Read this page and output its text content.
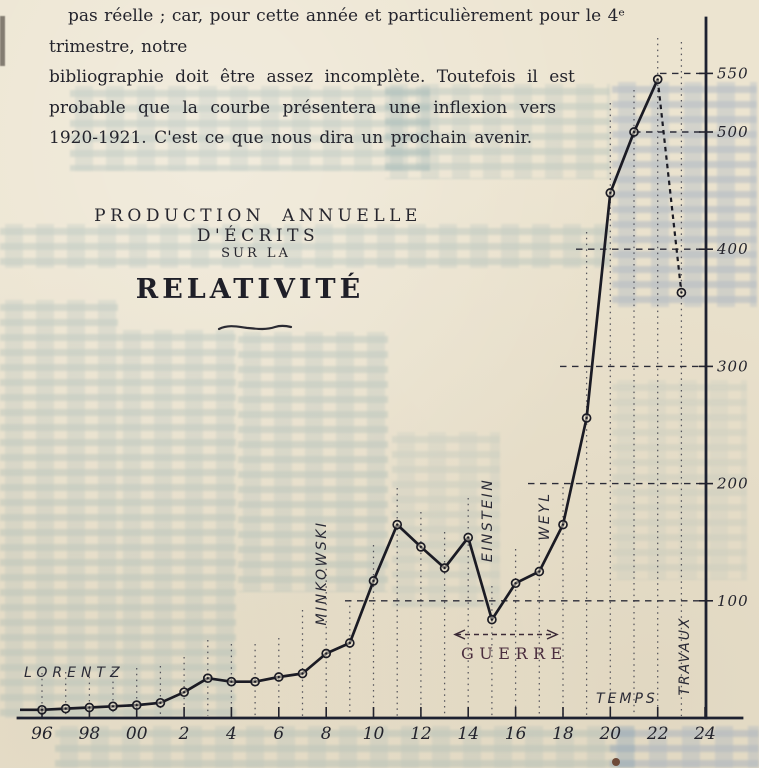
96 98 00 2 4 6 8 10 12 14 16 18 20 22 24
100
200
300
400
500
550
pas réelle ; car, pour cette année et particulièrement pour le 4ᵉ trimestre, notre
bibliographie doit être assez incomplète. Toutefois il est
probable que la courbe présentera une inflexion vers
1920-1921. C'est ce que nous dira un prochain avenir.
PRODUCTION ANNUELLE D'ÉCRITS
SUR LA
RELATIVITÉ
LORENTZ
MINKOWSKI
EINSTEIN	WEYL
TRAVAUX
TEMPS
GUERRE
